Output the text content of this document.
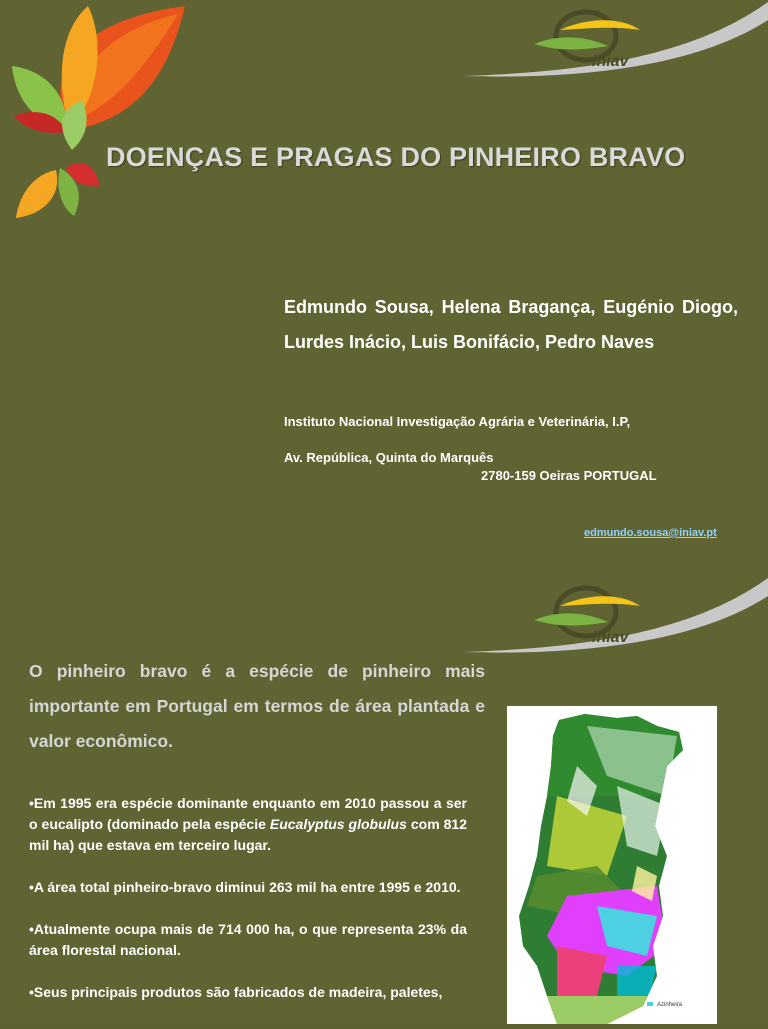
iniav
DOENÇAS E PRAGAS DO PINHEIRO BRAVO
Edmundo Sousa, Helena Bragança, Eugénio Diogo, Lurdes Inácio, Luis Bonifácio, Pedro Naves
Instituto Nacional Investigação Agrária e Veterinária, I.P,
Av. República, Quinta do Marquês
2780-159 Oeiras PORTUGAL
edmundo.sousa@iniav.pt
iniav
O pinheiro bravo é a espécie de pinheiro mais importante em Portugal em termos de área plantada e valor econômico.

•Em 1995 era espécie dominante enquanto em 2010 passou a ser o eucalipto (dominado pela espécie Eucalyptus globulus com 812 mil ha) que estava em terceiro lugar.

•A área total pinheiro-bravo diminui 263 mil ha entre 1995 e 2010.

•Atualmente ocupa mais de 714 000 ha, o que representa 23% da área florestal nacional.

•Seus principais produtos são fabricados de madeira, paletes,

Azinheira
